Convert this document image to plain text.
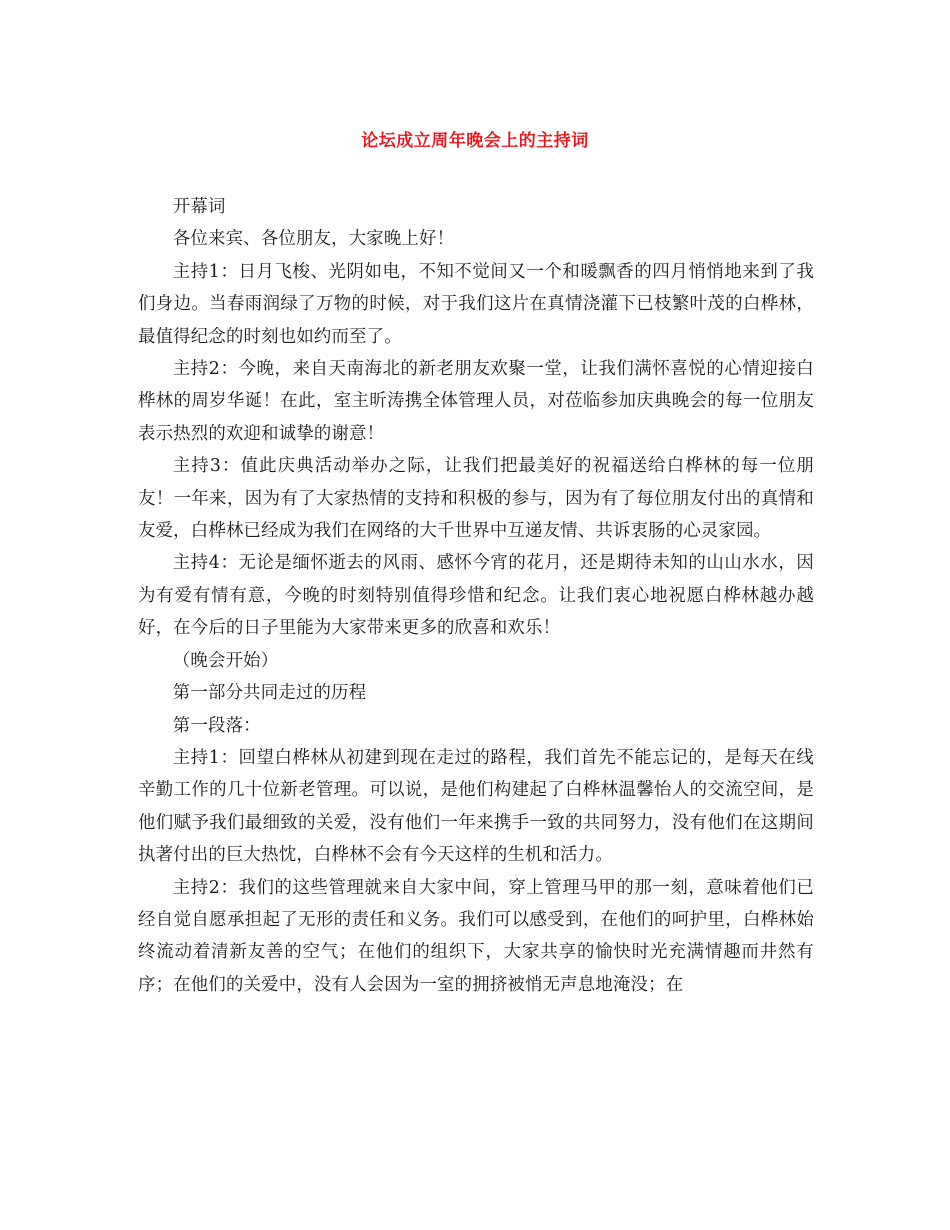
论坛成立周年晚会上的主持词

开幕词

各位来宾、各位朋友，大家晚上好！

主持1：日月飞梭、光阴如电，不知不觉间又一个和暖飘香的四月悄悄地来到了我们身边。当春雨润绿了万物的时候，对于我们这片在真情浇灌下已枝繁叶茂的白桦林，最值得纪念的时刻也如约而至了。

主持2：今晚，来自天南海北的新老朋友欢聚一堂，让我们满怀喜悦的心情迎接白桦林的周岁华诞！在此，室主昕涛携全体管理人员，对莅临参加庆典晚会的每一位朋友表示热烈的欢迎和诚挚的谢意！

主持3：值此庆典活动举办之际，让我们把最美好的祝福送给白桦林的每一位朋友！一年来，因为有了大家热情的支持和积极的参与，因为有了每位朋友付出的真情和友爱，白桦林已经成为我们在网络的大千世界中互递友情、共诉衷肠的心灵家园。

主持4：无论是缅怀逝去的风雨、感怀今宵的花月，还是期待未知的山山水水，因为有爱有情有意，今晚的时刻特别值得珍惜和纪念。让我们衷心地祝愿白桦林越办越好，在今后的日子里能为大家带来更多的欣喜和欢乐！

（晚会开始）

第一部分共同走过的历程

第一段落：

主持1：回望白桦林从初建到现在走过的路程，我们首先不能忘记的，是每天在线辛勤工作的几十位新老管理。可以说，是他们构建起了白桦林温馨怡人的交流空间，是他们赋予我们最细致的关爱，没有他们一年来携手一致的共同努力，没有他们在这期间执著付出的巨大热忱，白桦林不会有今天这样的生机和活力。

主持2：我们的这些管理就来自大家中间，穿上管理马甲的那一刻，意味着他们已经自觉自愿承担起了无形的责任和义务。我们可以感受到，在他们的呵护里，白桦林始终流动着清新友善的空气；在他们的组织下，大家共享的愉快时光充满情趣而井然有序；在他们的关爱中，没有人会因为一室的拥挤被悄无声息地淹没；在
